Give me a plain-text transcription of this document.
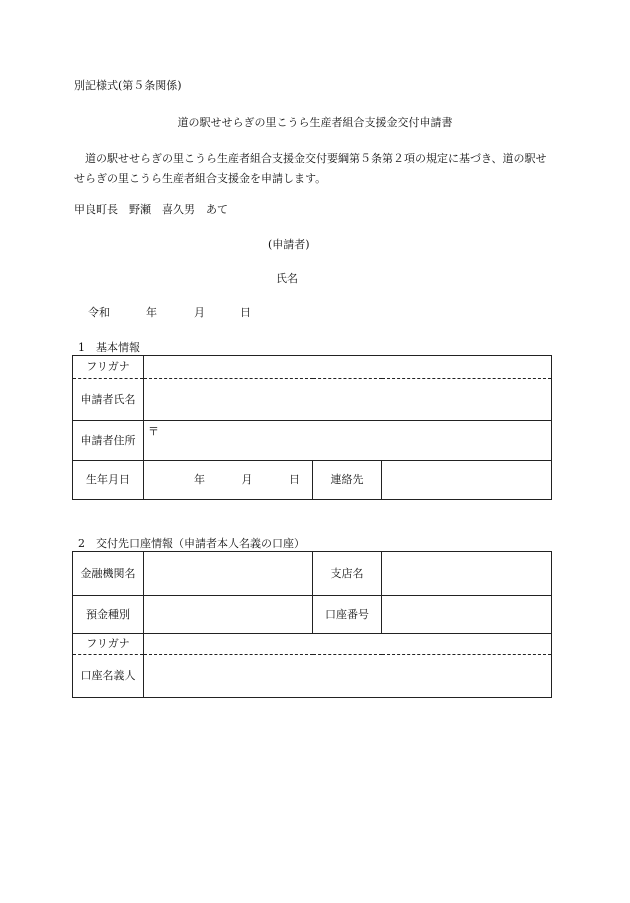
別記様式(第５条関係)
道の駅せせらぎの里こうら生産者組合支援金交付申請書
道の駅せせらぎの里こうら生産者組合支援金交付要綱第５条第２項の規定に基づき、道の駅せせらぎの里こうら生産者組合支援金を申請します。
甲良町長　野瀬　喜久男　あて
(申請者)
氏名
令和	年	月	日
1　基本情報
フリガナ			
申請者氏名			
申請者住所	〒		
生年月日	年 月 日	連絡先	
2　交付先口座情報（申請者本人名義の口座）
金融機関名		支店名	
預金種別		口座番号	
フリガナ			
口座名義人			
